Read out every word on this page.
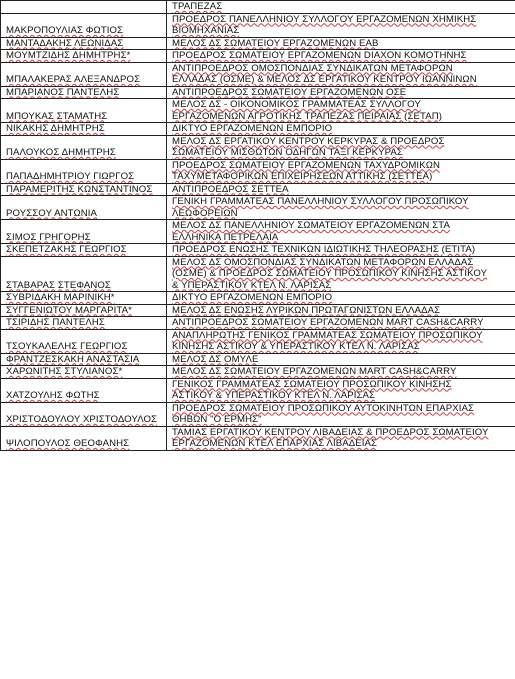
	ΤΡΑΠΕΖΑΣ
ΜΑΚΡΟΠΟΥΛΙΑΣ ΦΩΤΙΟΣ	ΠΡΟΕΔΡΟΣ ΠΑΝΕΛΛΗΝΙΟΥ ΣΥΛΛΟΓΟΥ ΕΡΓΑΖΟΜΕΝΩΝ ΧΗΜΙΚΗΣ
ΒΙΟΜΗΧΑΝΙΑΣ
ΜΑΝΤΑΔΑΚΗΣ ΛΕΩΝΙΔΑΣ	ΜΕΛΟΣ ΔΣ ΣΩΜΑΤΕΙΟΥ ΕΡΓΑΖΟΜΕΝΩΝ ΕΑΒ
ΜΟΥΜΤΖΙΔΗΣ ΔΗΜΗΤΡΗΣ*	ΠΡΟΕΔΡΟΣ ΣΩΜΑΤΕΙΟΥ ΕΡΓΑΖΟΜΕΝΩΝ DIAXON ΚΟΜΟΤΗΝΗΣ
ΜΠΑΛΑΚΕΡΑΣ ΑΛΕΞΑΝΔΡΟΣ	ΑΝΤΙΠΡΟΕΔΡΟΣ ΟΜΟΣΠΟΝΔΙΑΣ ΣΥΝΔΙΚΑΤΩΝ ΜΕΤΑΦΟΡΩΝ
ΕΛΛΑΔΑΣ (ΟΣΜΕ) & ΜΕΛΟΣ ΔΣ ΕΡΓΑΤΙΚΟΥ ΚΕΝΤΡΟΥ ΙΩΑΝΝΙΝΩΝ
ΜΠΑΡΙΑΝΟΣ ΠΑΝΤΕΛΗΣ	ΑΝΤΙΠΡΟΕΔΡΟΣ ΣΩΜΑΤΕΙΟΥ ΕΡΓΑΖΟΜΕΝΩΝ ΟΣΕ
ΜΠΟΥΚΑΣ ΣΤΑΜΑΤΗΣ	ΜΕΛΟΣ ΔΣ - ΟΙΚΟΝΟΜΙΚΟΣ ΓΡΑΜΜΑΤΕΑΣ ΣΥΛΛΟΓΟΥ
ΕΡΓΑΖΟΜΕΝΩΝ ΑΓΡΟΤΙΚΗΣ ΤΡΑΠΕΖΑΣ ΠΕΙΡΑΙΑΣ (ΣΕΤΑΠ)
ΝΙΚΑΚΗΣ ΔΗΜΗΤΡΗΣ	ΔΙΚΤΥΟ ΕΡΓΑΖΟΜΕΝΩΝ ΕΜΠΟΡΙΟ
ΠΑΛΟΥΚΟΣ ΔΗΜΗΤΡΗΣ	ΜΕΛΟΣ ΔΣ ΕΡΓΑΤΙΚΟΥ ΚΕΝΤΡΟΥ ΚΕΡΚΥΡΑΣ & ΠΡΟΕΔΡΟΣ
ΣΩΜΑΤΕΙΟΥ ΜΙΣΘΩΤΩΝ ΟΔΗΓΩΝ ΤΑΞΙ ΚΕΡΚΥΡΑΣ
ΠΑΠΑΔΗΜΗΤΡΙΟΥ ΓΙΩΡΓΟΣ	ΠΡΟΕΔΡΟΣ ΣΩΜΑΤΕΙΟΥ ΕΡΓΑΖΟΜΕΝΩΝ ΤΑΧΥΔΡΟΜΙΚΩΝ
ΤΑΧΥΜΕΤΑΦΟΡΙΚΩΝ ΕΠΙΧΕΙΡΗΣΕΩΝ ΑΤΤΙΚΗΣ (ΣΕΤΤΕΑ)
ΠΑΡΑΜΕΡΙΤΗΣ ΚΩΝΣΤΑΝΤΙΝΟΣ	ΑΝΤΙΠΡΟΕΔΡΟΣ ΣΕΤΤΕΑ
ΡΟΥΣΣΟΥ ΑΝΤΩΝΙΑ	ΓΕΝΙΚΗ ΓΡΑΜΜΑΤΕΑΣ ΠΑΝΕΛΛΗΝΙΟΥ ΣΥΛΛΟΓΟΥ ΠΡΟΣΩΠΙΚΟΥ
ΛΕΩΦΟΡΕΙΩΝ
ΣΙΜΟΣ ΓΡΗΓΟΡΗΣ	ΜΕΛΟΣ ΔΣ ΠΑΝΕΛΛΗΝΙΟΥ ΣΩΜΑΤΕΙΟΥ ΕΡΓΑΖΟΜΕΝΩΝ ΣΤΑ
ΕΛΛΗΝΙΚΑ ΠΕΤΡΕΛΑΙΑ
ΣΚΕΠΕΤΖΑΚΗΣ ΓΕΩΡΓΙΟΣ	ΠΡΟΕΔΡΟΣ ΕΝΩΣΗΣ ΤΕΧΝΙΚΩΝ ΙΔΙΩΤΙΚΗΣ ΤΗΛΕΟΡΑΣΗΣ (ΕΤΙΤΑ)
ΣΤΑΒΑΡΑΣ ΣΤΕΦΑΝΟΣ	ΜΕΛΟΣ ΔΣ ΟΜΟΣΠΟΝΔΙΑΣ ΣΥΝΔΙΚΑΤΩΝ ΜΕΤΑΦΟΡΩΝ ΕΛΛΑΔΑΣ
(ΟΣΜΕ) & ΠΡΟΕΔΡΟΣ ΣΩΜΑΤΕΙΟΥ ΠΡΟΣΩΠΙΚΟΥ ΚΙΝΗΣΗΣ ΑΣΤΙΚΟΥ
& ΥΠΕΡΑΣΤΙΚΟΥ ΚΤΕΛ Ν. ΛΑΡΙΣΑΣ
ΣΥΒΡΙΔΑΚΗ ΜΑΡΙΝΙΚΗ*	ΔΙΚΤΥΟ ΕΡΓΑΖΟΜΕΝΩΝ ΕΜΠΟΡΙΟ
ΣΥΓΓΕΝΙΩΤΟΥ ΜΑΡΓΑΡΙΤΑ*	ΜΕΛΟΣ ΔΣ ΕΝΩΣΗΣ ΛΥΡΙΚΩΝ ΠΡΩΤΑΓΩΝΙΣΤΩΝ ΕΛΛΑΔΑΣ
ΤΣΙΡΙΔΗΣ ΠΑΝΤΕΛΗΣ	ΑΝΤΙΠΡΟΕΔΡΟΣ ΣΩΜΑΤΕΙΟΥ ΕΡΓΑΖΟΜΕΝΩΝ MART CASH&CARRY
ΤΣΟΥΚΑΛΕΛΗΣ ΓΕΩΡΓΙΟΣ	ΑΝΑΠΛΗΡΩΤΗΣ ΓΕΝΙΚΟΣ ΓΡΑΜΜΑΤΕΑΣ ΣΩΜΑΤΕΙΟΥ ΠΡΟΣΩΠΙΚΟΥ
ΚΙΝΗΣΗΣ ΑΣΤΙΚΟΥ & ΥΠΕΡΑΣΤΙΚΟΥ ΚΤΕΛ Ν. ΛΑΡΙΣΑΣ
ΦΡΑΝΤΖΕΣΚΑΚΗ ΑΝΑΣΤΑΣΙΑ	ΜΕΛΟΣ ΔΣ ΟΜΥΛΕ
ΧΑΡΩΝΙΤΗΣ ΣΤΥΛΙΑΝΟΣ*	ΜΕΛΟΣ ΔΣ ΣΩΜΑΤΕΙΟΥ ΕΡΓΑΖΟΜΕΝΩΝ MART CASH&CARRY
ΧΑΤΖΟΥΛΗΣ ΦΩΤΗΣ	ΓΕΝΙΚΟΣ ΓΡΑΜΜΑΤΕΑΣ ΣΩΜΑΤΕΙΟΥ ΠΡΟΣΩΠΙΚΟΥ ΚΙΝΗΣΗΣ
ΑΣΤΙΚΟΥ & ΥΠΕΡΑΣΤΙΚΟΥ ΚΤΕΛ Ν. ΛΑΡΙΣΑΣ
ΧΡΙΣΤΟΔΟΥΛΟΥ ΧΡΙΣΤΟΔΟΥΛΟΣ	ΠΡΟΕΔΡΟΣ ΣΩΜΑΤΕΙΟΥ ΠΡΟΣΩΠΙΚΟΥ ΑΥΤΟΚΙΝΗΤΩΝ ΕΠΑΡΧΙΑΣ
ΘΗΒΩΝ "Ο ΕΡΜΗΣ"
ΨΙΛΟΠΟΥΛΟΣ ΘΕΟΦΑΝΗΣ	ΤΑΜΙΑΣ ΕΡΓΑΤΙΚΟΥ ΚΕΝΤΡΟΥ ΛΙΒΑΔΕΙΑΣ & ΠΡΟΕΔΡΟΣ ΣΩΜΑΤΕΙΟΥ
ΕΡΓΑΖΟΜΕΝΩΝ ΚΤΕΛ ΕΠΑΡΧΙΑΣ ΛΙΒΑΔΕΙΑΣ
